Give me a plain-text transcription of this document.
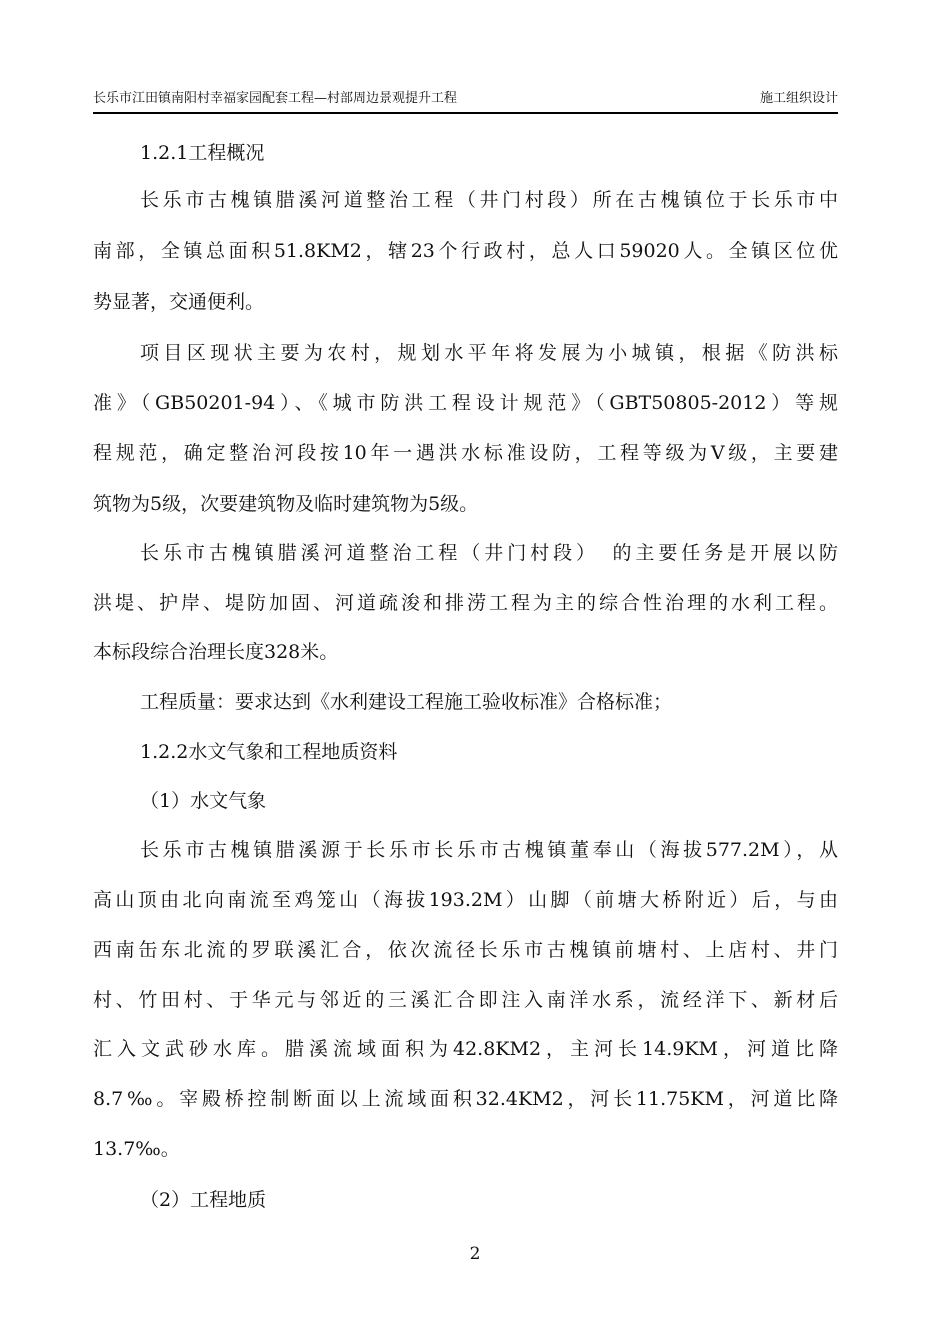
长乐市江田镇南阳村幸福家园配套工程—村部周边景观提升工程	施工组织设计
1.2.1工程概况
长乐市古槐镇腊溪河道整治工程（井门村段）所在古槐镇位于长乐市中
南部，全镇总面积51.8KM2，辖23个行政村，总人口59020人。全镇区位优
势显著，交通便利。
项目区现状主要为农村，规划水平年将发展为小城镇，根据《防洪标
准》（GB50201-94）、《城市防洪工程设计规范》（GBT50805-2012）等规
程规范，确定整治河段按10年一遇洪水标准设防，工程等级为Ⅴ级，主要建
筑物为5级，次要建筑物及临时建筑物为5级。
长乐市古槐镇腊溪河道整治工程（井门村段）　的主要任务是开展以防
洪堤、护岸、堤防加固、河道疏浚和排涝工程为主的综合性治理的水利工程。
本标段综合治理长度328米。
工程质量：要求达到《水利建设工程施工验收标准》合格标准；
1.2.2水文气象和工程地质资料
（1）水文气象
长乐市古槐镇腊溪源于长乐市长乐市古槐镇董奉山（海拔577.2M），从
高山顶由北向南流至鸡笼山（海拔193.2M）山脚（前塘大桥附近）后，与由
西南缶东北流的罗联溪汇合，依次流径长乐市古槐镇前塘村、上店村、井门
村、竹田村、于华元与邻近的三溪汇合即注入南洋水系，流经洋下、新材后
汇入文武砂水库。腊溪流域面积为42.8KM2，主河长14.9KM，河道比降
8.7‰。宰殿桥控制断面以上流域面积32.4KM2，河长11.75KM，河道比降
13.7‰。
（2）工程地质
2
